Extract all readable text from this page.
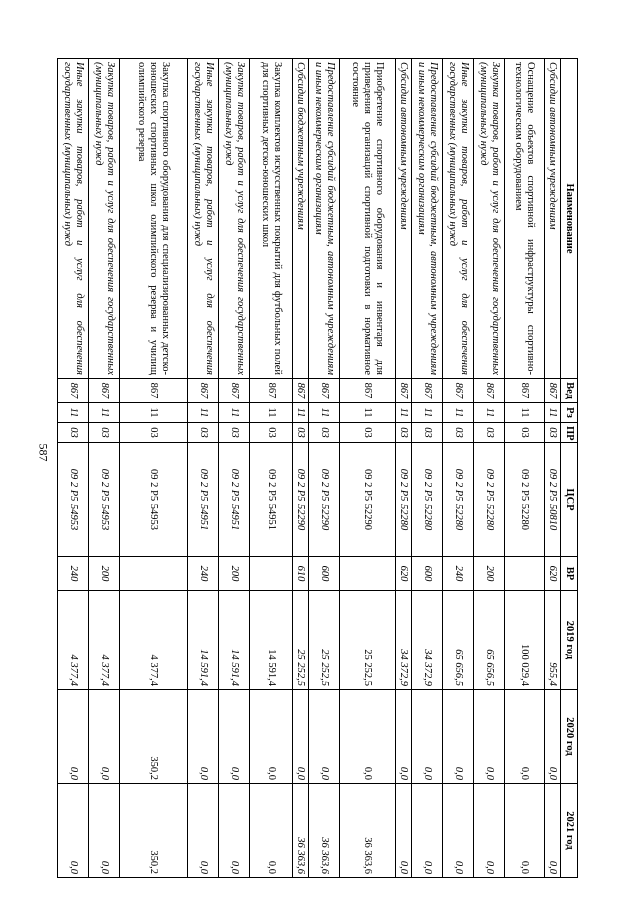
587
Наименование	Вед	Рз	ПР	ЦСР	ВР	2019 год	2020 год	2021 год
Субсидии автономным учреждениям	867	11	03	09 2 P5 50810	620	955,4	0,0	0,0
Оснащение объектов спортивной инфраструктуры спортивно-технологическим оборудованием	867	11	03	09 2 P5 52280		100 029,4	0,0	0,0
Закупка товаров, работ и услуг для обеспечения государственных (муниципальных) нужд	867	11	03	09 2 P5 52280	200	65 656,5	0,0	0,0
Иные закупки товаров, работ и услуг для обеспечения государственных (муниципальных) нужд	867	11	03	09 2 P5 52280	240	65 656,5	0,0	0,0
Предоставление субсидий бюджетным, автономным учреждениям и иным некоммерческим организациям	867	11	03	09 2 P5 52280	600	34 372,9	0,0	0,0
Субсидии автономным учреждениям	867	11	03	09 2 P5 52280	620	34 372,9	0,0	0,0
Приобретение спортивного оборудования и инвентаря для приведения организаций спортивной подготовки в нормативное состояние	867	11	03	09 2 P5 52290		25 252,5	0,0	36 363,6
Предоставление субсидий бюджетным, автономным учреждениям и иным некоммерческим организациям	867	11	03	09 2 P5 52290	600	25 252,5	0,0	36 363,6
Субсидии бюджетным учреждениям	867	11	03	09 2 P5 52290	610	25 252,5	0,0	36 363,6
Закупка комплектов искусственных покрытий для футбольных полей для спортивных детско-юношеских школ	867	11	03	09 2 P5 54951		14 591,4	0,0	0,0
Закупка товаров, работ и услуг для обеспечения государственных (муниципальных) нужд	867	11	03	09 2 P5 54951	200	14 591,4	0,0	0,0
Иные закупки товаров, работ и услуг для обеспечения государственных (муниципальных) нужд	867	11	03	09 2 P5 54951	240	14 591,4	0,0	0,0
Закупка спортивного оборудования для специализированных детско-юношеских спортивных школ олимпийского резерва и училищ олимпийского резерва	867	11	03	09 2 P5 54953		4 377,4	350,2	350,2
Закупка товаров, работ и услуг для обеспечения государственных (муниципальных) нужд	867	11	03	09 2 P5 54953	200	4 377,4	0,0	0,0
Иные закупки товаров, работ и услуг для обеспечения государственных (муниципальных) нужд	867	11	03	09 2 P5 54953	240	4 377,4	0,0	0,0
